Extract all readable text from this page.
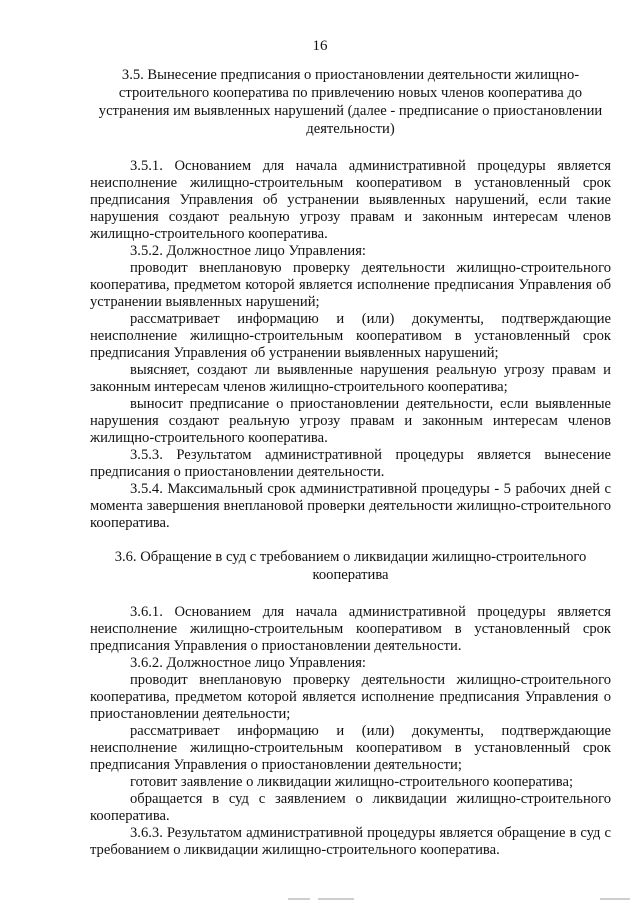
16
3.5. Вынесение предписания о приостановлении деятельности жилищно-строительного кооператива по привлечению новых членов кооператива до устранения им выявленных нарушений (далее - предписание о приостановлении деятельности)

3.5.1. Основанием для начала административной процедуры является неисполнение жилищно-строительным кооперативом в установленный срок предписания Управления об устранении выявленных нарушений, если такие нарушения создают реальную угрозу правам и законным интересам членов жилищно-строительного кооператива.

3.5.2. Должностное лицо Управления:

проводит внеплановую проверку деятельности жилищно-строительного кооператива, предметом которой является исполнение предписания Управления об устранении выявленных нарушений;

рассматривает информацию и (или) документы, подтверждающие неисполнение жилищно-строительным кооперативом в установленный срок предписания Управления об устранении выявленных нарушений;

выясняет, создают ли выявленные нарушения реальную угрозу правам и законным интересам членов жилищно-строительного кооператива;

выносит предписание о приостановлении деятельности, если выявленные нарушения создают реальную угрозу правам и законным интересам членов жилищно-строительного кооператива.

3.5.3. Результатом административной процедуры является вынесение предписания о приостановлении деятельности.

3.5.4. Максимальный срок административной процедуры - 5 рабочих дней с момента завершения внеплановой проверки деятельности жилищно-строительного кооператива.

3.6. Обращение в суд с требованием о ликвидации жилищно-строительного кооператива

3.6.1. Основанием для начала административной процедуры является неисполнение жилищно-строительным кооперативом в установленный срок предписания Управления о приостановлении деятельности.

3.6.2. Должностное лицо Управления:

проводит внеплановую проверку деятельности жилищно-строительного кооператива, предметом которой является исполнение предписания Управления о приостановлении деятельности;

рассматривает информацию и (или) документы, подтверждающие неисполнение жилищно-строительным кооперативом в установленный срок предписания Управления о приостановлении деятельности;

готовит заявление о ликвидации жилищно-строительного кооператива;

обращается в суд с заявлением о ликвидации жилищно-строительного кооператива.

3.6.3. Результатом административной процедуры является обращение в суд с требованием о ликвидации жилищно-строительного кооператива.
